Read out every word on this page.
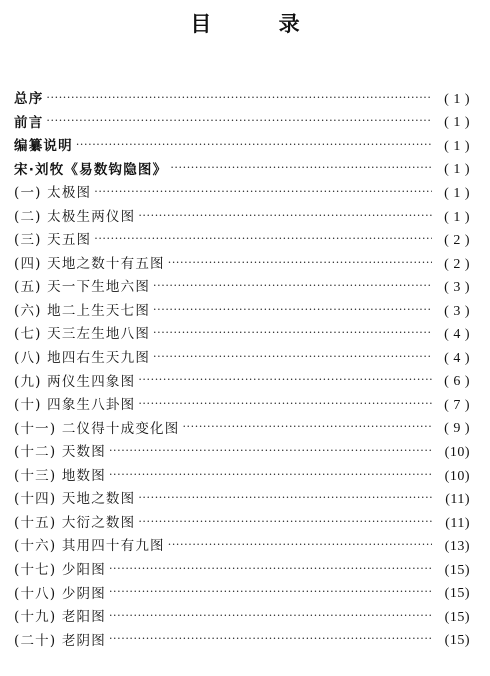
目 录
总序 ·····	( 1 )
前言 ·····	( 1 )
编纂说明 ·····	( 1 )
宋·刘牧《易数钩隐图》 ·····	( 1 )
(一) 太极图 ·····	( 1 )
(二) 太极生两仪图 ·····	( 1 )
(三) 天五图 ·····	( 2 )
(四) 天地之数十有五图 ·····	( 2 )
(五) 天一下生地六图 ·····	( 3 )
(六) 地二上生天七图 ·····	( 3 )
(七) 天三左生地八图 ·····	( 4 )
(八) 地四右生天九图 ·····	( 4 )
(九) 两仪生四象图 ·····	( 6 )
(十) 四象生八卦图 ·····	( 7 )
(十一) 二仪得十成变化图 ·····	( 9 )
(十二) 天数图 ·····	(10)
(十三) 地数图 ·····	(10)
(十四) 天地之数图 ·····	(11)
(十五) 大衍之数图 ·····	(11)
(十六) 其用四十有九图 ·····	(13)
(十七) 少阳图 ·····	(15)
(十八) 少阴图 ·····	(15)
(十九) 老阳图 ·····	(15)
(二十) 老阴图 ·····	(15)
